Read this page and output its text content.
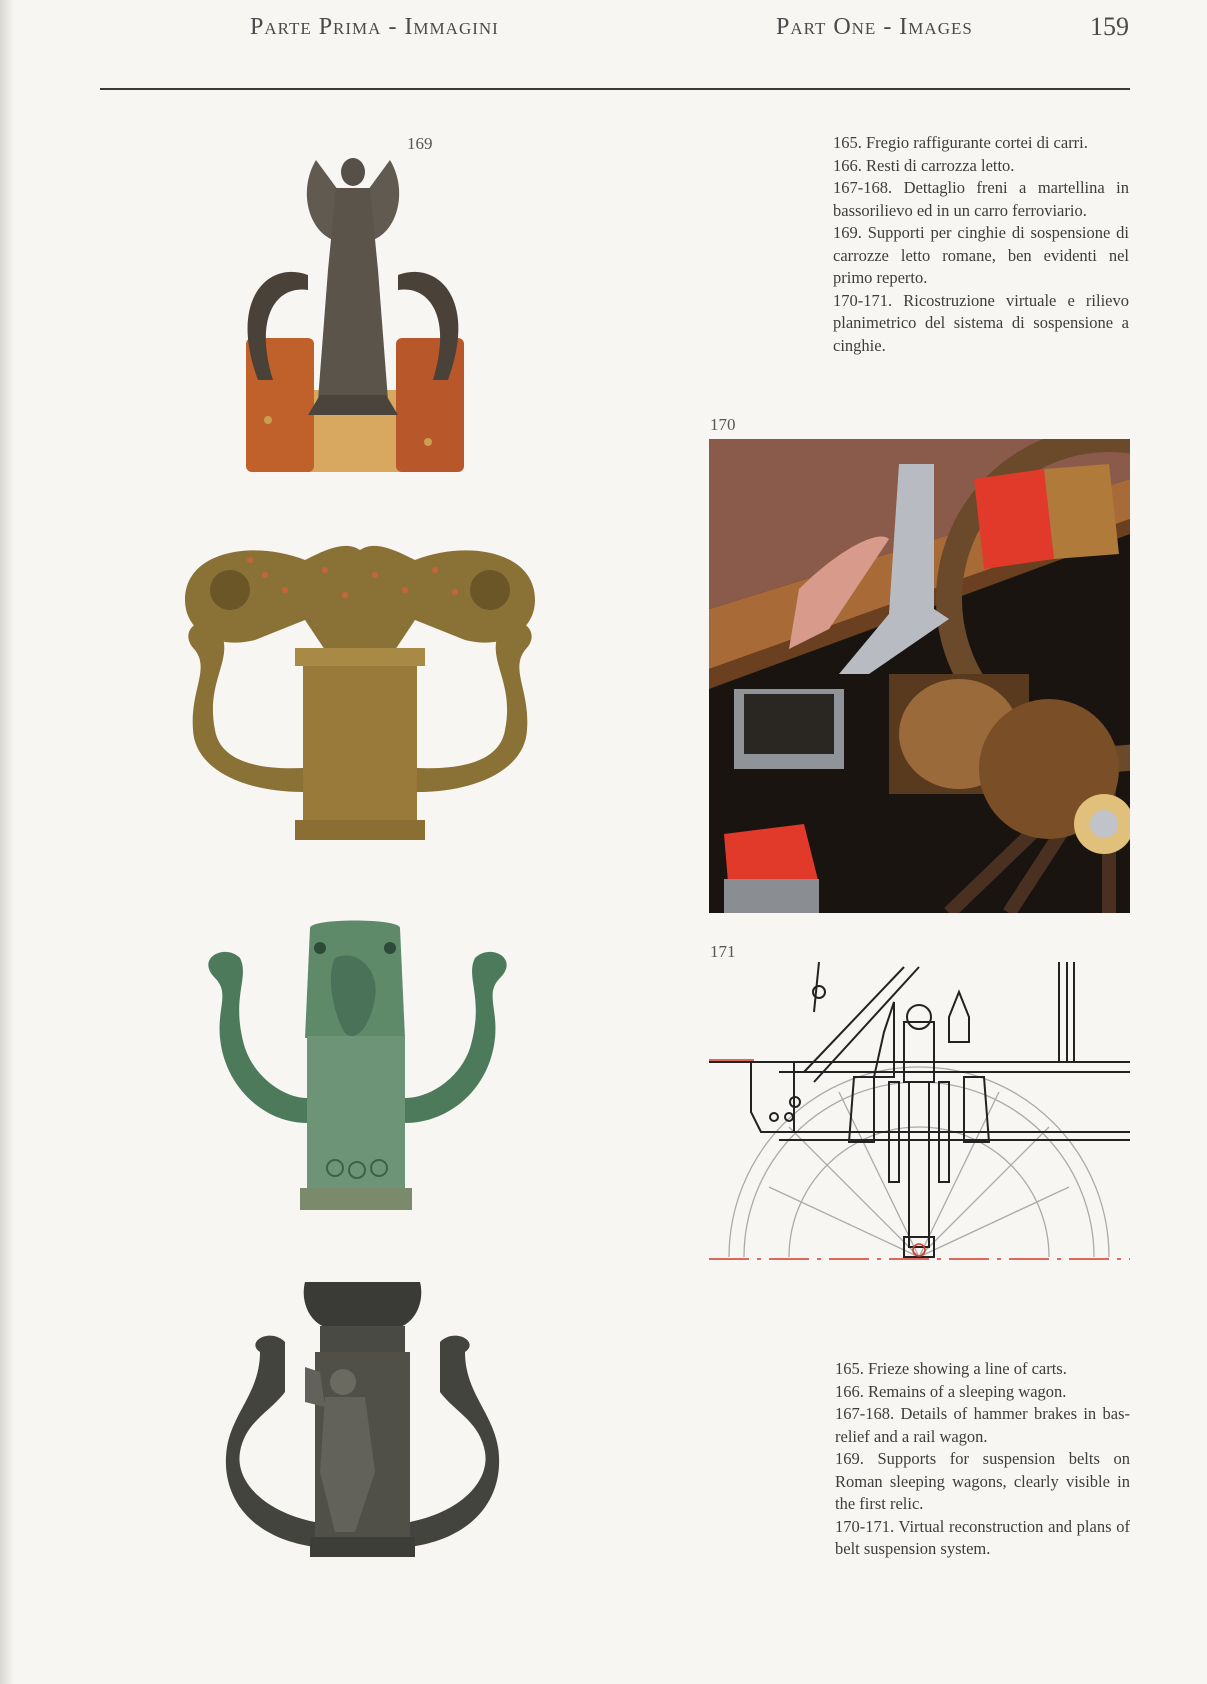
Parte Prima - Immagini	Part One - Images	159
169	165. Fregio raffigurante cortei di carri.

166. Resti di carrozza letto.

167-168. Dettaglio freni a martellina in bassorilievo ed in un carro ferroviario.

169. Supporti per cinghie di sospensione di carrozze letto romane, ben evidenti nel primo reperto.

170-171. Ricostruzione virtuale e rilievo planimetrico del sistema di sospensione a cinghie.

170
171

165. Frieze showing a line of carts.

166. Remains of a sleeping wagon.

167-168. Details of hammer brakes in bas-relief and a rail wagon.

169. Supports for suspension belts on Roman sleeping wagons, clearly visible in the first relic.

170-171. Virtual reconstruction and plans of belt suspension system.
